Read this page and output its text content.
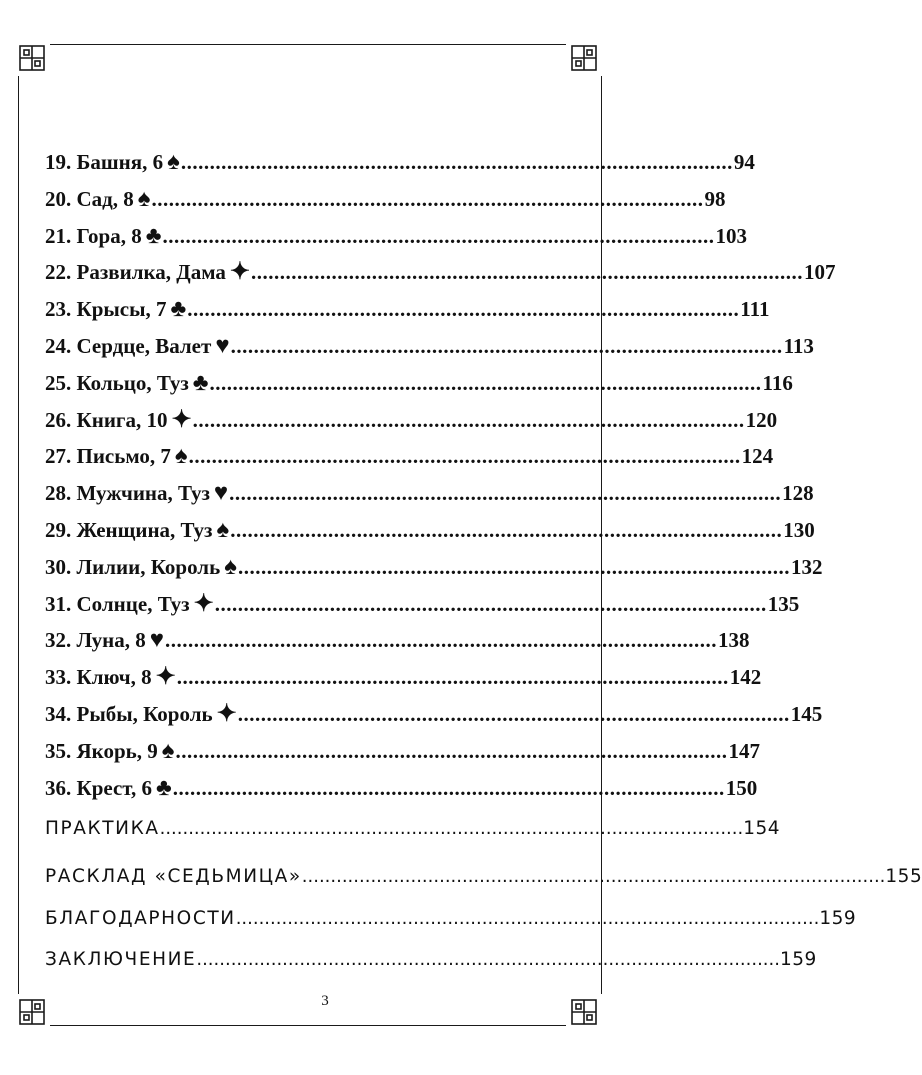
19. Башня, 6 ♠ ................................................................................................ 94
20. Сад, 8 ♠ ................................................................................................ 98
21. Гора, 8 ♣ ................................................................................................ 103
22. Развилка, Дама ✦ ................................................................................................ 107
23. Крысы, 7 ♣ ................................................................................................ 111
24. Сердце, Валет ♥ ................................................................................................ 113
25. Кольцо, Туз ♣ ................................................................................................ 116
26. Книга, 10 ✦ ................................................................................................ 120
27. Письмо, 7 ♠ ................................................................................................ 124
28. Мужчина, Туз ♥ ................................................................................................ 128
29. Женщина, Туз ♠ ................................................................................................ 130
30. Лилии, Король ♠ ................................................................................................ 132
31. Солнце, Туз ✦ ................................................................................................ 135
32. Луна, 8 ♥ ................................................................................................ 138
33. Ключ, 8 ✦ ................................................................................................ 142
34. Рыбы, Король ✦ ................................................................................................ 145
35. Якорь, 9 ♠ ................................................................................................ 147
36. Крест, 6 ♣ ................................................................................................ 150
ПРАКТИКА ...................................................................................................... 154
РАСКЛАД «СЕДЬМИЦА» ...................................................................................................... 155
БЛАГОДАРНОСТИ ...................................................................................................... 159
ЗАКЛЮЧЕНИЕ ...................................................................................................... 159
3
